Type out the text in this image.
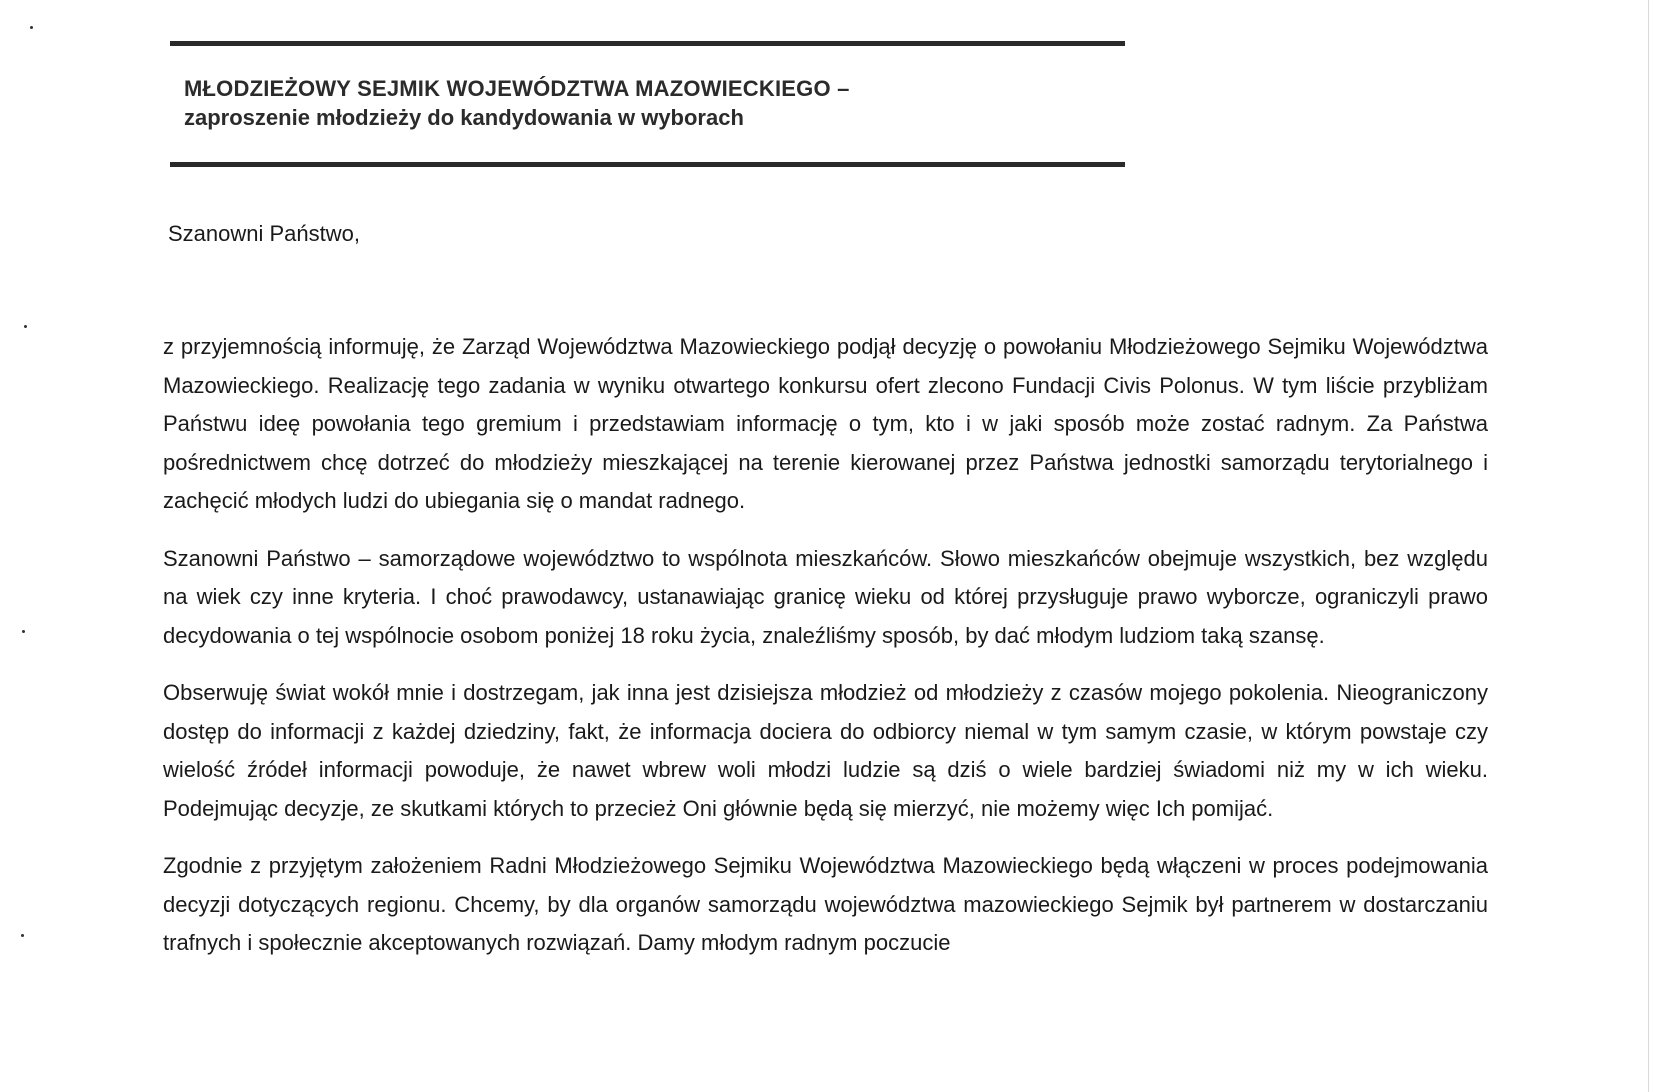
MŁODZIEŻOWY SEJMIK WOJEWÓDZTWA MAZOWIECKIEGO –
zaproszenie młodzieży do kandydowania w wyborach
Szanowni Państwo,

z przyjemnością informuję, że Zarząd Województwa Mazowieckiego podjął decyzję o powołaniu Młodzieżowego Sejmiku Województwa Mazowieckiego. Realizację tego zadania w wyniku otwartego konkursu ofert zlecono Fundacji Civis Polonus. W tym liście przybliżam Państwu ideę powołania tego gremium i przedstawiam informację o tym, kto i w jaki sposób może zostać radnym. Za Państwa pośrednictwem chcę dotrzeć do młodzieży mieszkającej na terenie kierowanej przez Państwa jednostki samorządu terytorialnego i zachęcić młodych ludzi do ubiegania się o mandat radnego.

Szanowni Państwo – samorządowe województwo to wspólnota mieszkańców. Słowo mieszkańców obejmuje wszystkich, bez względu na wiek czy inne kryteria. I choć prawodawcy, ustanawiając granicę wieku od której przysługuje prawo wyborcze, ograniczyli prawo decydowania o tej wspólnocie osobom poniżej 18 roku życia, znaleźliśmy sposób, by dać młodym ludziom taką szansę.

Obserwuję świat wokół mnie i dostrzegam, jak inna jest dzisiejsza młodzież od młodzieży z czasów mojego pokolenia. Nieograniczony dostęp do informacji z każdej dziedziny, fakt, że informacja dociera do odbiorcy niemal w tym samym czasie, w którym powstaje czy wielość źródeł informacji powoduje, że nawet wbrew woli młodzi ludzie są dziś o wiele bardziej świadomi niż my w ich wieku. Podejmując decyzje, ze skutkami których to przecież Oni głównie będą się mierzyć, nie możemy więc Ich pomijać.

Zgodnie z przyjętym założeniem Radni Młodzieżowego Sejmiku Województwa Mazowieckiego będą włączeni w proces podejmowania decyzji dotyczących regionu. Chcemy, by dla organów samorządu województwa mazowieckiego Sejmik był partnerem w dostarczaniu trafnych i społecznie akceptowanych rozwiązań. Damy młodym radnym poczucie
